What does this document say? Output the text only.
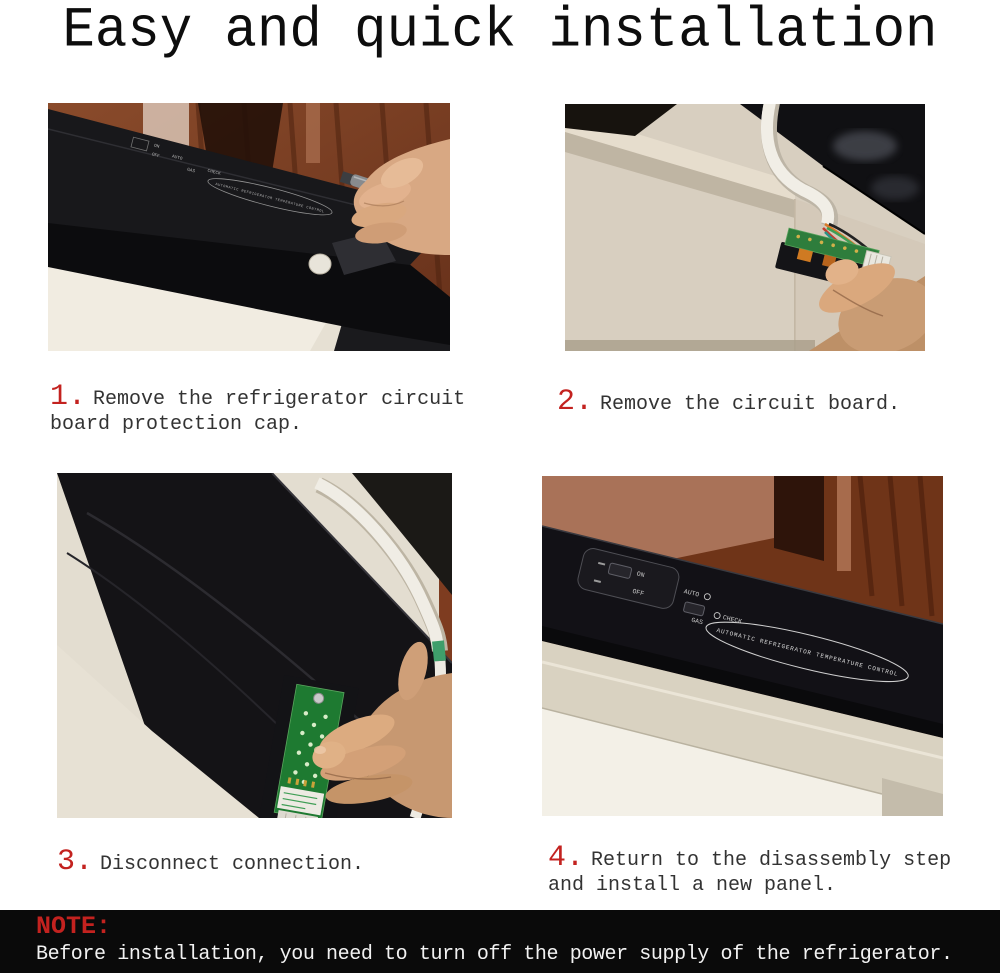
Easy and quick installation
ON
OFF AUTO
GAS	CHECK
AUTOMATIC REFRIGERATOR TEMPERATURE CONTROL
1. Remove the refrigerator circuit board protection cap.
2. Remove the circuit board.
ON
OFF	AUTO
GAS	CHECK
AUTOMATIC REFRIGERATOR TEMPERATURE CONTROL
3. Disconnect connection.	4. Return to the disassembly step and install a new panel.
NOTE:
Before installation, you need to turn off the power supply of the refrigerator.
